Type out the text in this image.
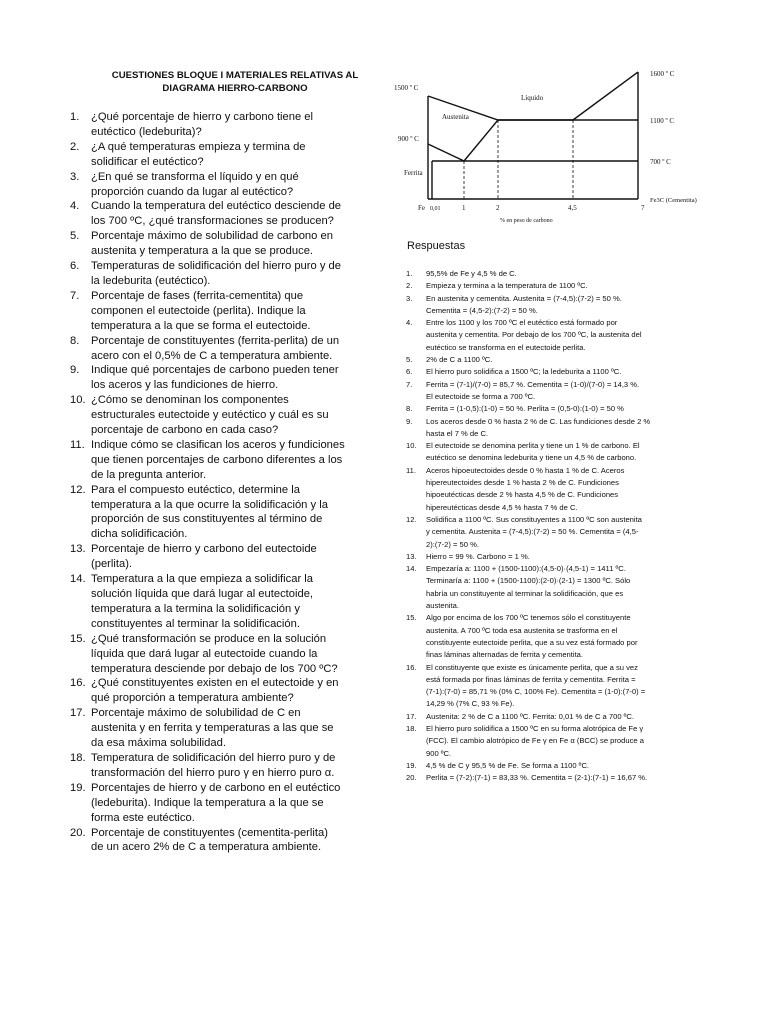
CUESTIONES BLOQUE I MATERIALES RELATIVAS AL
DIAGRAMA HIERRO-CARBONO
1. ¿Qué porcentaje de hierro y carbono tiene el
eutéctico (ledeburita)?
2. ¿A qué temperaturas empieza y termina de
solidificar el eutéctico?
3. ¿En qué se transforma el líquido y en qué
proporción cuando da lugar al eutéctico?
4. Cuando la temperatura del eutéctico desciende de
los 700 ºC, ¿qué transformaciones se producen?
5. Porcentaje máximo de solubilidad de carbono en
austenita y temperatura a la que se produce.
6. Temperaturas de solidificación del hierro puro y de
la ledeburita (eutéctico).
7. Porcentaje de fases (ferrita-cementita) que
componen el eutectoide (perlita). Indique la
temperatura a la que se forma el eutectoide.
8. Porcentaje de constituyentes (ferrita-perlita) de un
acero con el 0,5% de C a temperatura ambiente.
9. Indique qué porcentajes de carbono pueden tener
los aceros y las fundiciones de hierro.
10. ¿Cómo se denominan los componentes
estructurales eutectoide y eutéctico y cuál es su
porcentaje de carbono en cada caso?
11. Indique cómo se clasifican los aceros y fundiciones
que tienen porcentajes de carbono diferentes a los
de la pregunta anterior.
12. Para el compuesto eutéctico, determine la
temperatura a la que ocurre la solidificación y la
proporción de sus constituyentes al término de
dicha solidificación.
13. Porcentaje de hierro y carbono del eutectoide
(perlita).
14. Temperatura a la que empieza a solidificar la
solución líquida que dará lugar al eutectoide,
temperatura a la termina la solidificación y
constituyentes al terminar la solidificación.
15. ¿Qué transformación se produce en la solución
líquida que dará lugar al eutectoide cuando la
temperatura desciende por debajo de los 700 ºC?
16. ¿Qué constituyentes existen en el eutectoide y en
qué proporción a temperatura ambiente?
17. Porcentaje máximo de solubilidad de C en
austenita y en ferrita y temperaturas a las que se
da esa máxima solubilidad.
18. Temperatura de solidificación del hierro puro y de
transformación del hierro puro γ en hierro puro α.
19. Porcentajes de hierro y de carbono en el eutéctico
(ledeburita). Indique la temperatura a la que se
forma este eutéctico.
20. Porcentaje de constituyentes (cementita-perlita)
de un acero 2% de C a temperatura ambiente.
1500 º C
1600 º C
1100 º C
900 º C
700 º C
Líquido
Austenita
Ferrita
Fe 0,01	1	2	4,5	7
Fe3C (Cementita)
% en peso de carbono
Respuestas
1. 95,5% de Fe y 4,5 % de C.
2. Empieza y termina a la temperatura de 1100 ºC.
3. En austenita y cementita. Austenita = (7-4,5):(7-2) = 50 %.
Cementita = (4,5-2):(7-2) = 50 %.
4. Entre los 1100 y los 700 ºC el eutéctico está formado por
austenita y cementita. Por debajo de los 700 ºC, la austenita del
eutéctico se transforma en el eutectoide perlita.
5. 2% de C a 1100 ºC.
6. El hierro puro solidifica a 1500 ºC; la ledeburita a 1100 ºC.
7. Ferrita = (7-1)/(7-0) = 85,7 %. Cementita = (1-0)/(7-0) = 14,3 %.
El eutectoide se forma a 700 ºC.
8. Ferrita = (1-0,5):(1-0) = 50 %. Perlita = (0,5-0):(1-0) = 50 %
9. Los aceros desde 0 % hasta 2 % de C. Las fundiciones desde 2 %
hasta el 7 % de C.
10. El eutectoide se denomina perlita y tiene un 1 % de carbono. El
eutéctico se denomina ledeburita y tiene un 4,5 % de carbono.
11. Aceros hipoeutectoides desde 0 % hasta 1 % de C. Aceros
hipereutectoides desde 1 % hasta 2 % de C. Fundiciones
hipoeutécticas desde 2 % hasta 4,5 % de C. Fundiciones
hipereutécticas desde 4,5 % hasta 7 % de C.
12. Solidifica a 1100 ºC. Sus constituyentes a 1100 ºC son austenita
y cementita. Austenita = (7-4,5):(7-2) = 50 %. Cementita = (4,5-
2):(7-2) = 50 %.
13. Hierro = 99 %. Carbono = 1 %.
14. Empezaría a: 1100 + (1500-1100):(4,5-0)·(4,5-1) = 1411 ºC.
Terminaría a: 1100 + (1500-1100):(2-0)·(2-1) = 1300 ºC. Sólo
habría un constituyente al terminar la solidificación, que es
austenita.
15. Algo por encima de los 700 ºC tenemos sólo el constituyente
austenita. A 700 ºC toda esa austenita se trasforma en el
constituyente eutectoide perlita, que a su vez está formado por
finas láminas alternadas de ferrita y cementita.
16. El constituyente que existe es únicamente perlita, que a su vez
está formada por finas láminas de ferrita y cementita. Ferrita =
(7-1):(7-0) = 85,71 % (0% C, 100% Fe). Cementita = (1-0):(7-0) =
14,29 % (7% C, 93 % Fe).
17. Austenita: 2 % de C a 1100 ºC. Ferrita: 0,01 % de C a 700 ºC.
18. El hierro puro solidifica a 1500 ºC en su forma alotrópica de Fe γ
(FCC). El cambio alotrópico de Fe γ en Fe α (BCC) se produce a
900 ºC.
19. 4,5 % de C y 95,5 % de Fe. Se forma a 1100 ºC.
20. Perlita = (7-2):(7-1) = 83,33 %. Cementita = (2-1):(7-1) = 16,67 %.
